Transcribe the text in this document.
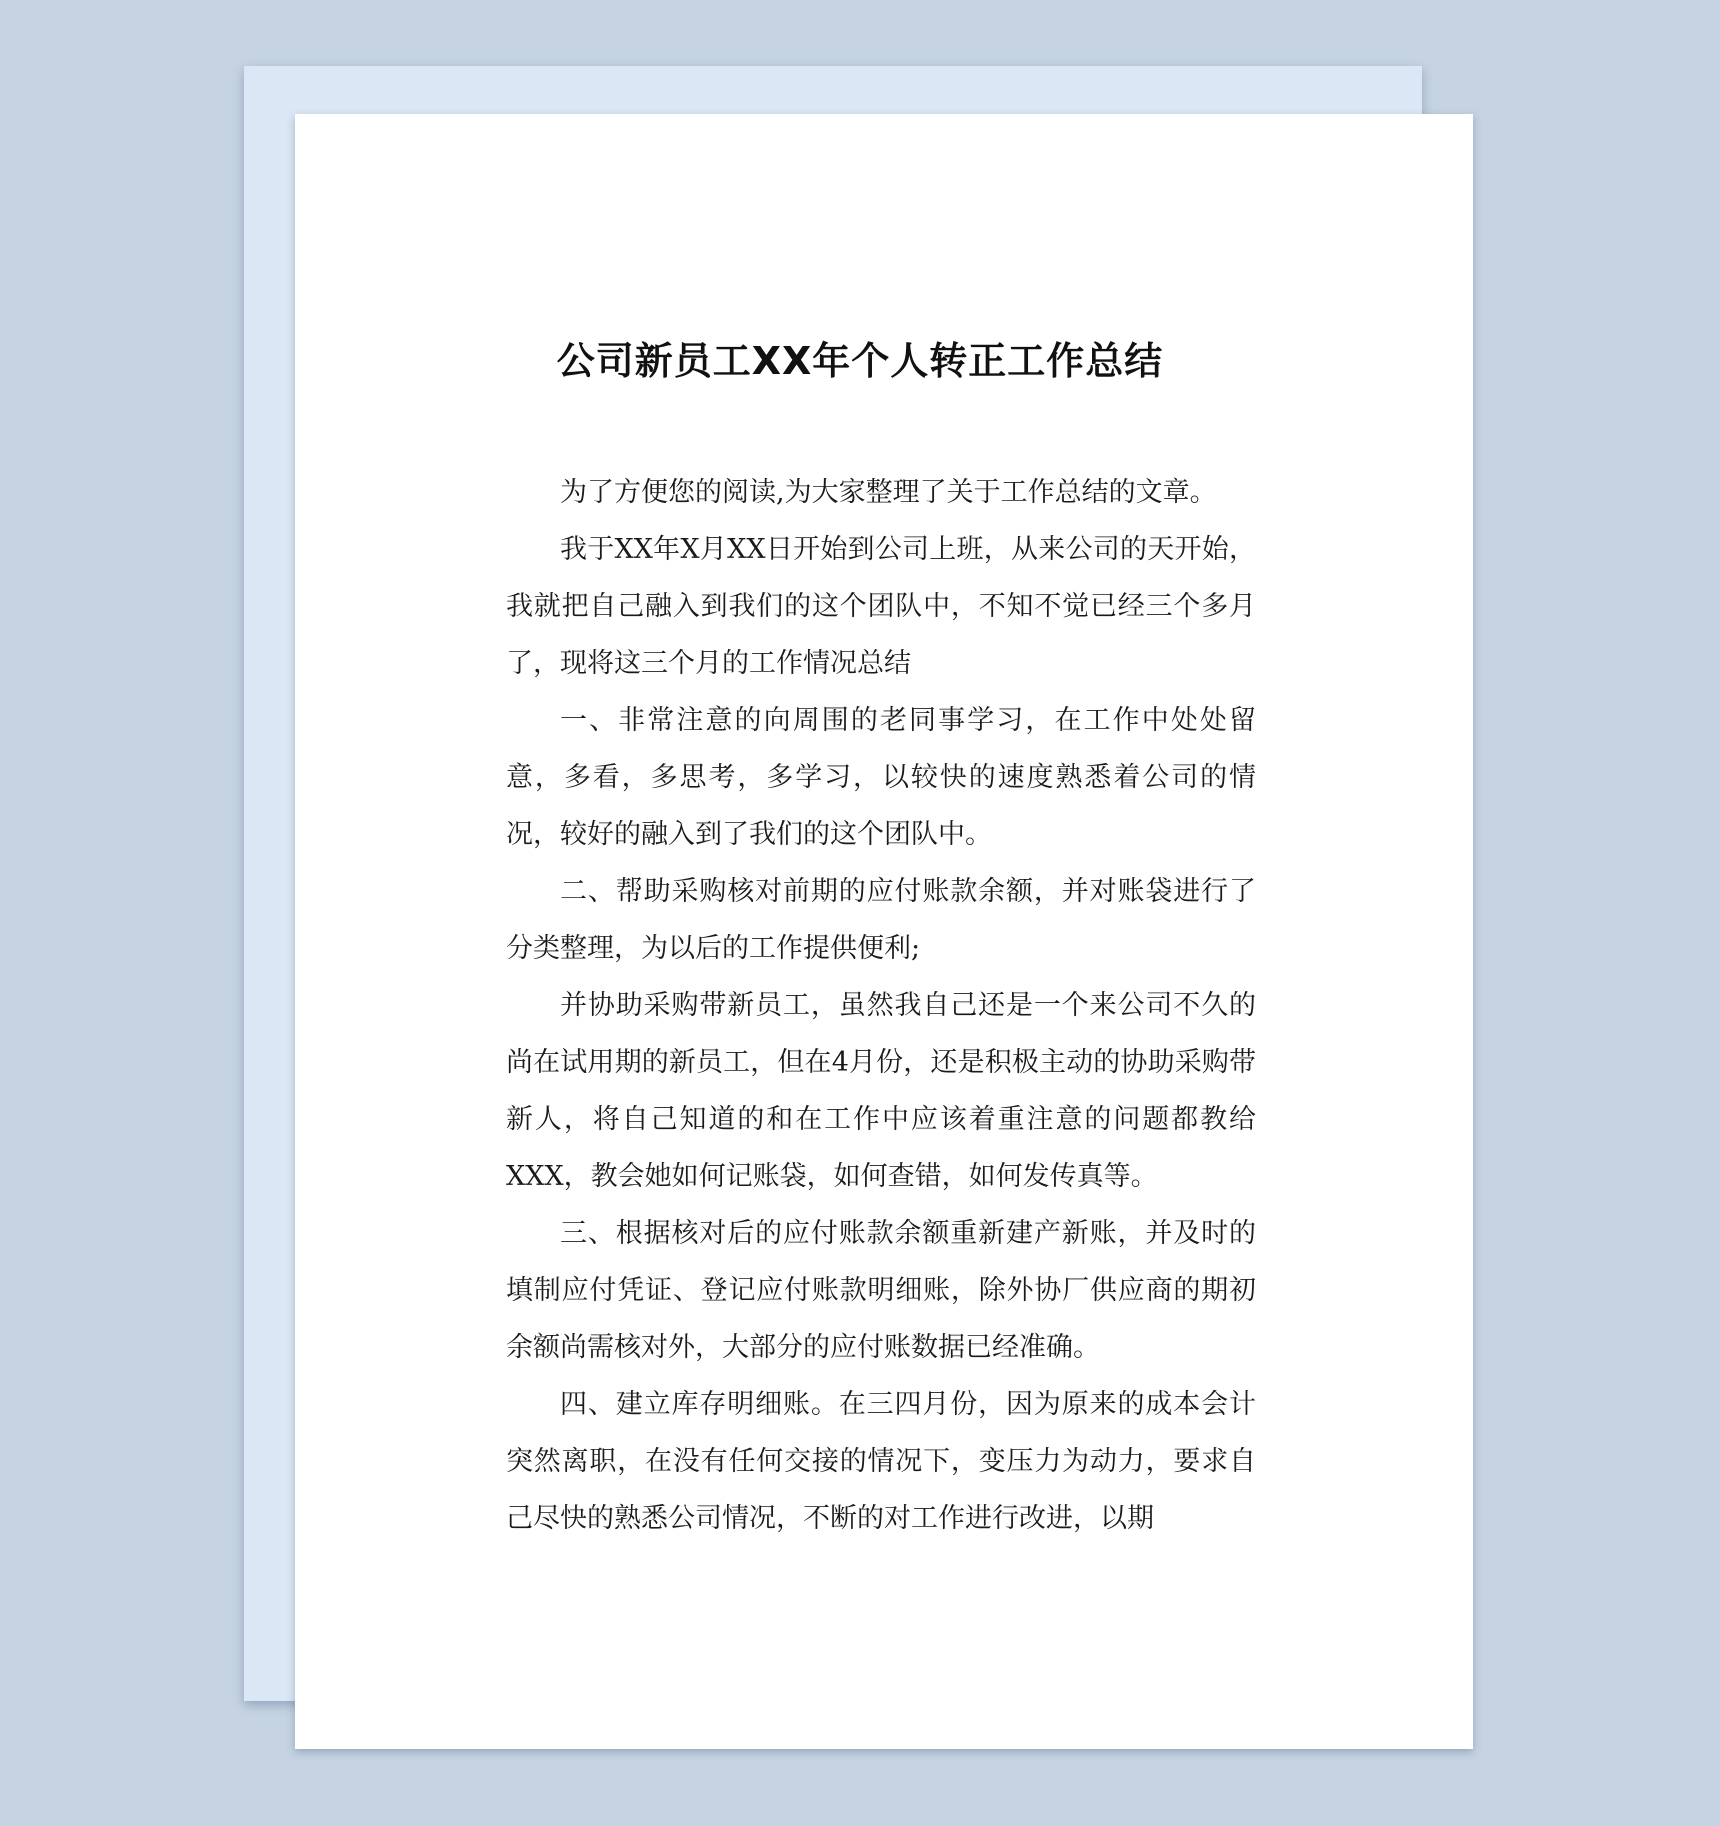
公司新员工XX年个人转正工作总结

为了方便您的阅读,为大家整理了关于工作总结的文章。

我于XX年X月XX日开始到公司上班，从来公司的天开始，我就把自己融入到我们的这个团队中，不知不觉已经三个多月了，现将这三个月的工作情况总结

一、非常注意的向周围的老同事学习，在工作中处处留意，多看，多思考，多学习，以较快的速度熟悉着公司的情况，较好的融入到了我们的这个团队中。

二、帮助采购核对前期的应付账款余额，并对账袋进行了分类整理，为以后的工作提供便利;

并协助采购带新员工，虽然我自己还是一个来公司不久的尚在试用期的新员工，但在4月份，还是积极主动的协助采购带新人，将自己知道的和在工作中应该着重注意的问题都教给XXX，教会她如何记账袋，如何查错，如何发传真等。

三、根据核对后的应付账款余额重新建产新账，并及时的填制应付凭证、登记应付账款明细账，除外协厂供应商的期初余额尚需核对外，大部分的应付账数据已经准确。

四、建立库存明细账。在三四月份，因为原来的成本会计突然离职，在没有任何交接的情况下，变压力为动力，要求自己尽快的熟悉公司情况，不断的对工作进行改进，以期
